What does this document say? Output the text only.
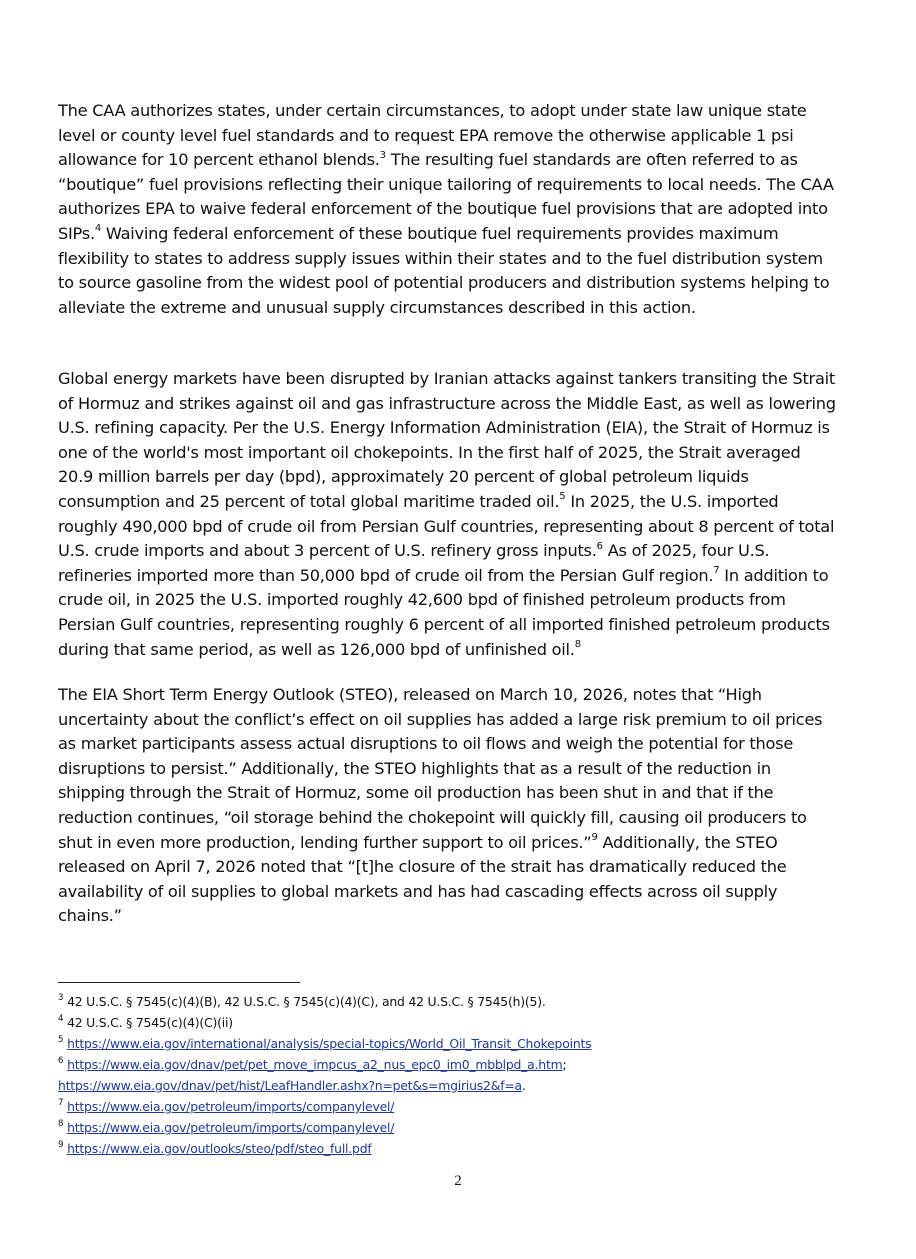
The CAA authorizes states, under certain circumstances, to adopt under state law unique state level or county level fuel standards and to request EPA remove the otherwise applicable 1 psi allowance for 10 percent ethanol blends.$^3$ The resulting fuel standards are often referred to as “boutique” fuel provisions reflecting their unique tailoring of requirements to local needs. The CAA authorizes EPA to waive federal enforcement of the boutique fuel provisions that are adopted into SIPs.$^4$ Waiving federal enforcement of these boutique fuel requirements provides maximum flexibility to states to address supply issues within their states and to the fuel distribution system to source gasoline from the widest pool of potential producers and distribution systems helping to alleviate the extreme and unusual supply circumstances described in this action.

Global energy markets have been disrupted by Iranian attacks against tankers transiting the Strait of Hormuz and strikes against oil and gas infrastructure across the Middle East, as well as lowering U.S. refining capacity. Per the U.S. Energy Information Administration (EIA), the Strait of Hormuz is one of the world's most important oil chokepoints. In the first half of 2025, the Strait averaged 20.9 million barrels per day (bpd), approximately 20 percent of global petroleum liquids consumption and 25 percent of total global maritime traded oil.$^5$ In 2025, the U.S. imported roughly 490,000 bpd of crude oil from Persian Gulf countries, representing about 8 percent of total U.S. crude imports and about 3 percent of U.S. refinery gross inputs.$^6$ As of 2025, four U.S. refineries imported more than 50,000 bpd of crude oil from the Persian Gulf region.$^7$ In addition to crude oil, in 2025 the U.S. imported roughly 42,600 bpd of finished petroleum products from Persian Gulf countries, representing roughly 6 percent of all imported finished petroleum products during that same period, as well as 126,000 bpd of unfinished oil.$^8$

The EIA Short Term Energy Outlook (STEO), released on March 10, 2026, notes that “High uncertainty about the conflict’s effect on oil supplies has added a large risk premium to oil prices as market participants assess actual disruptions to oil flows and weigh the potential for those disruptions to persist.” Additionally, the STEO highlights that as a result of the reduction in shipping through the Strait of Hormuz, some oil production has been shut in and that if the reduction continues, “oil storage behind the chokepoint will quickly fill, causing oil producers to shut in even more production, lending further support to oil prices.”$^9$ Additionally, the STEO released on April 7, 2026 noted that “[t]he closure of the strait has dramatically reduced the availability of oil supplies to global markets and has had cascading effects across oil supply chains.”

$^3$ 42 U.S.C. § 7545(c)(4)(B), 42 U.S.C. § 7545(c)(4)(C), and 42 U.S.C. § 7545(h)(5).
$^4$ 42 U.S.C. § 7545(c)(4)(C)(ii)
$^5$ https://www.eia.gov/international/analysis/special-topics/World_Oil_Transit_Chokepoints
$^6$ https://www.eia.gov/dnav/pet/pet_move_impcus_a2_nus_epc0_im0_mbblpd_a.htm;
https://www.eia.gov/dnav/pet/hist/LeafHandler.ashx?n=pet&s=mgirius2&f=a.
$^7$ https://www.eia.gov/petroleum/imports/companylevel/
$^8$ https://www.eia.gov/petroleum/imports/companylevel/
$^9$ https://www.eia.gov/outlooks/steo/pdf/steo_full.pdf
2
